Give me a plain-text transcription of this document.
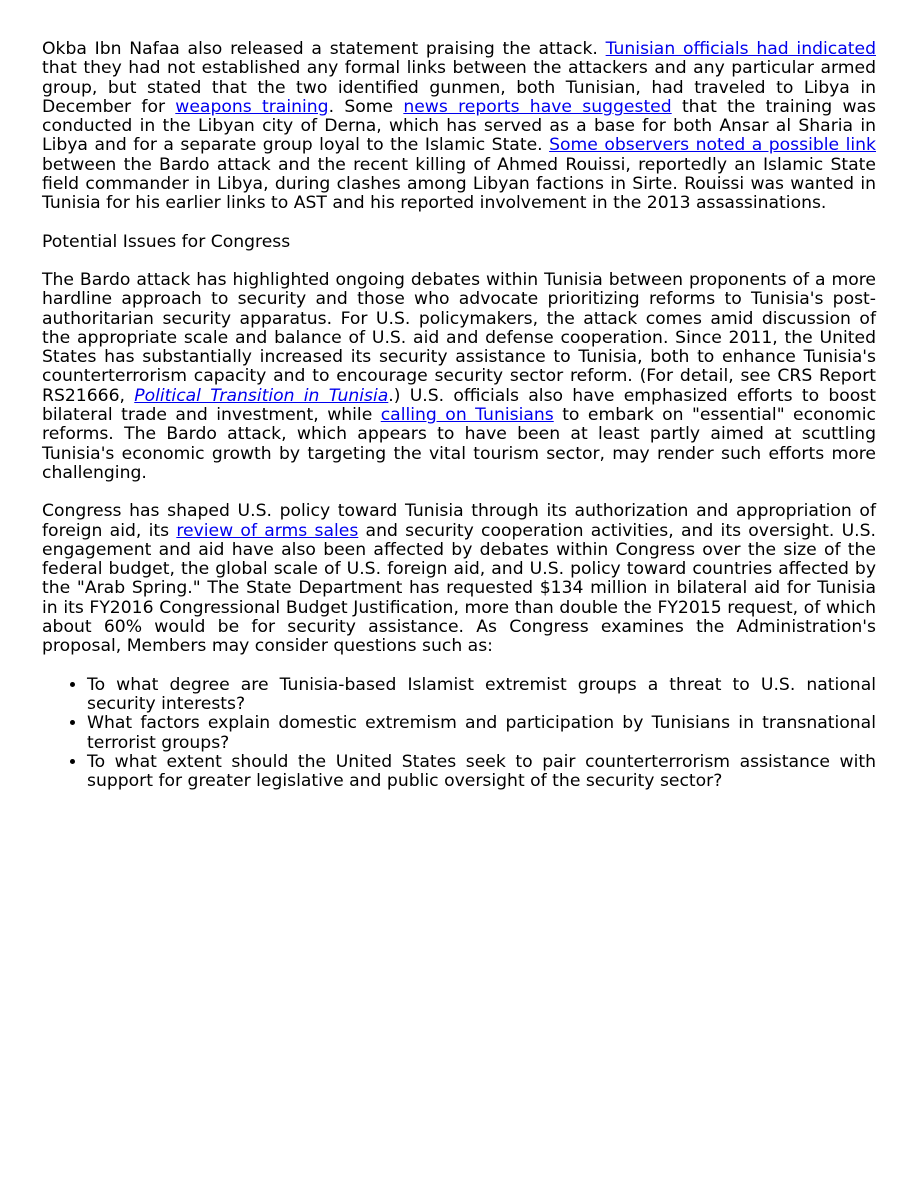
Okba Ibn Nafaa also released a statement praising the attack. Tunisian officials had indicated that they had not established any formal links between the attackers and any particular armed group, but stated that the two identified gunmen, both Tunisian, had traveled to Libya in December for weapons training. Some news reports have suggested that the training was conducted in the Libyan city of Derna, which has served as a base for both Ansar al Sharia in Libya and for a separate group loyal to the Islamic State. Some observers noted a possible link between the Bardo attack and the recent killing of Ahmed Rouissi, reportedly an Islamic State field commander in Libya, during clashes among Libyan factions in Sirte. Rouissi was wanted in Tunisia for his earlier links to AST and his reported involvement in the 2013 assassinations.

Potential Issues for Congress

The Bardo attack has highlighted ongoing debates within Tunisia between proponents of a more hardline approach to security and those who advocate prioritizing reforms to Tunisia's post-authoritarian security apparatus. For U.S. policymakers, the attack comes amid discussion of the appropriate scale and balance of U.S. aid and defense cooperation. Since 2011, the United States has substantially increased its security assistance to Tunisia, both to enhance Tunisia's counterterrorism capacity and to encourage security sector reform. (For detail, see CRS Report RS21666, Political Transition in Tunisia.) U.S. officials also have emphasized efforts to boost bilateral trade and investment, while calling on Tunisians to embark on "essential" economic reforms. The Bardo attack, which appears to have been at least partly aimed at scuttling Tunisia's economic growth by targeting the vital tourism sector, may render such efforts more challenging.

Congress has shaped U.S. policy toward Tunisia through its authorization and appropriation of foreign aid, its review of arms sales and security cooperation activities, and its oversight. U.S. engagement and aid have also been affected by debates within Congress over the size of the federal budget, the global scale of U.S. foreign aid, and U.S. policy toward countries affected by the "Arab Spring." The State Department has requested $134 million in bilateral aid for Tunisia in its FY2016 Congressional Budget Justification, more than double the FY2015 request, of which about 60% would be for security assistance. As Congress examines the Administration's proposal, Members may consider questions such as:

• To what degree are Tunisia-based Islamist extremist groups a threat to U.S. national security interests?
• What factors explain domestic extremism and participation by Tunisians in transnational terrorist groups?
• To what extent should the United States seek to pair counterterrorism assistance with support for greater legislative and public oversight of the security sector?
